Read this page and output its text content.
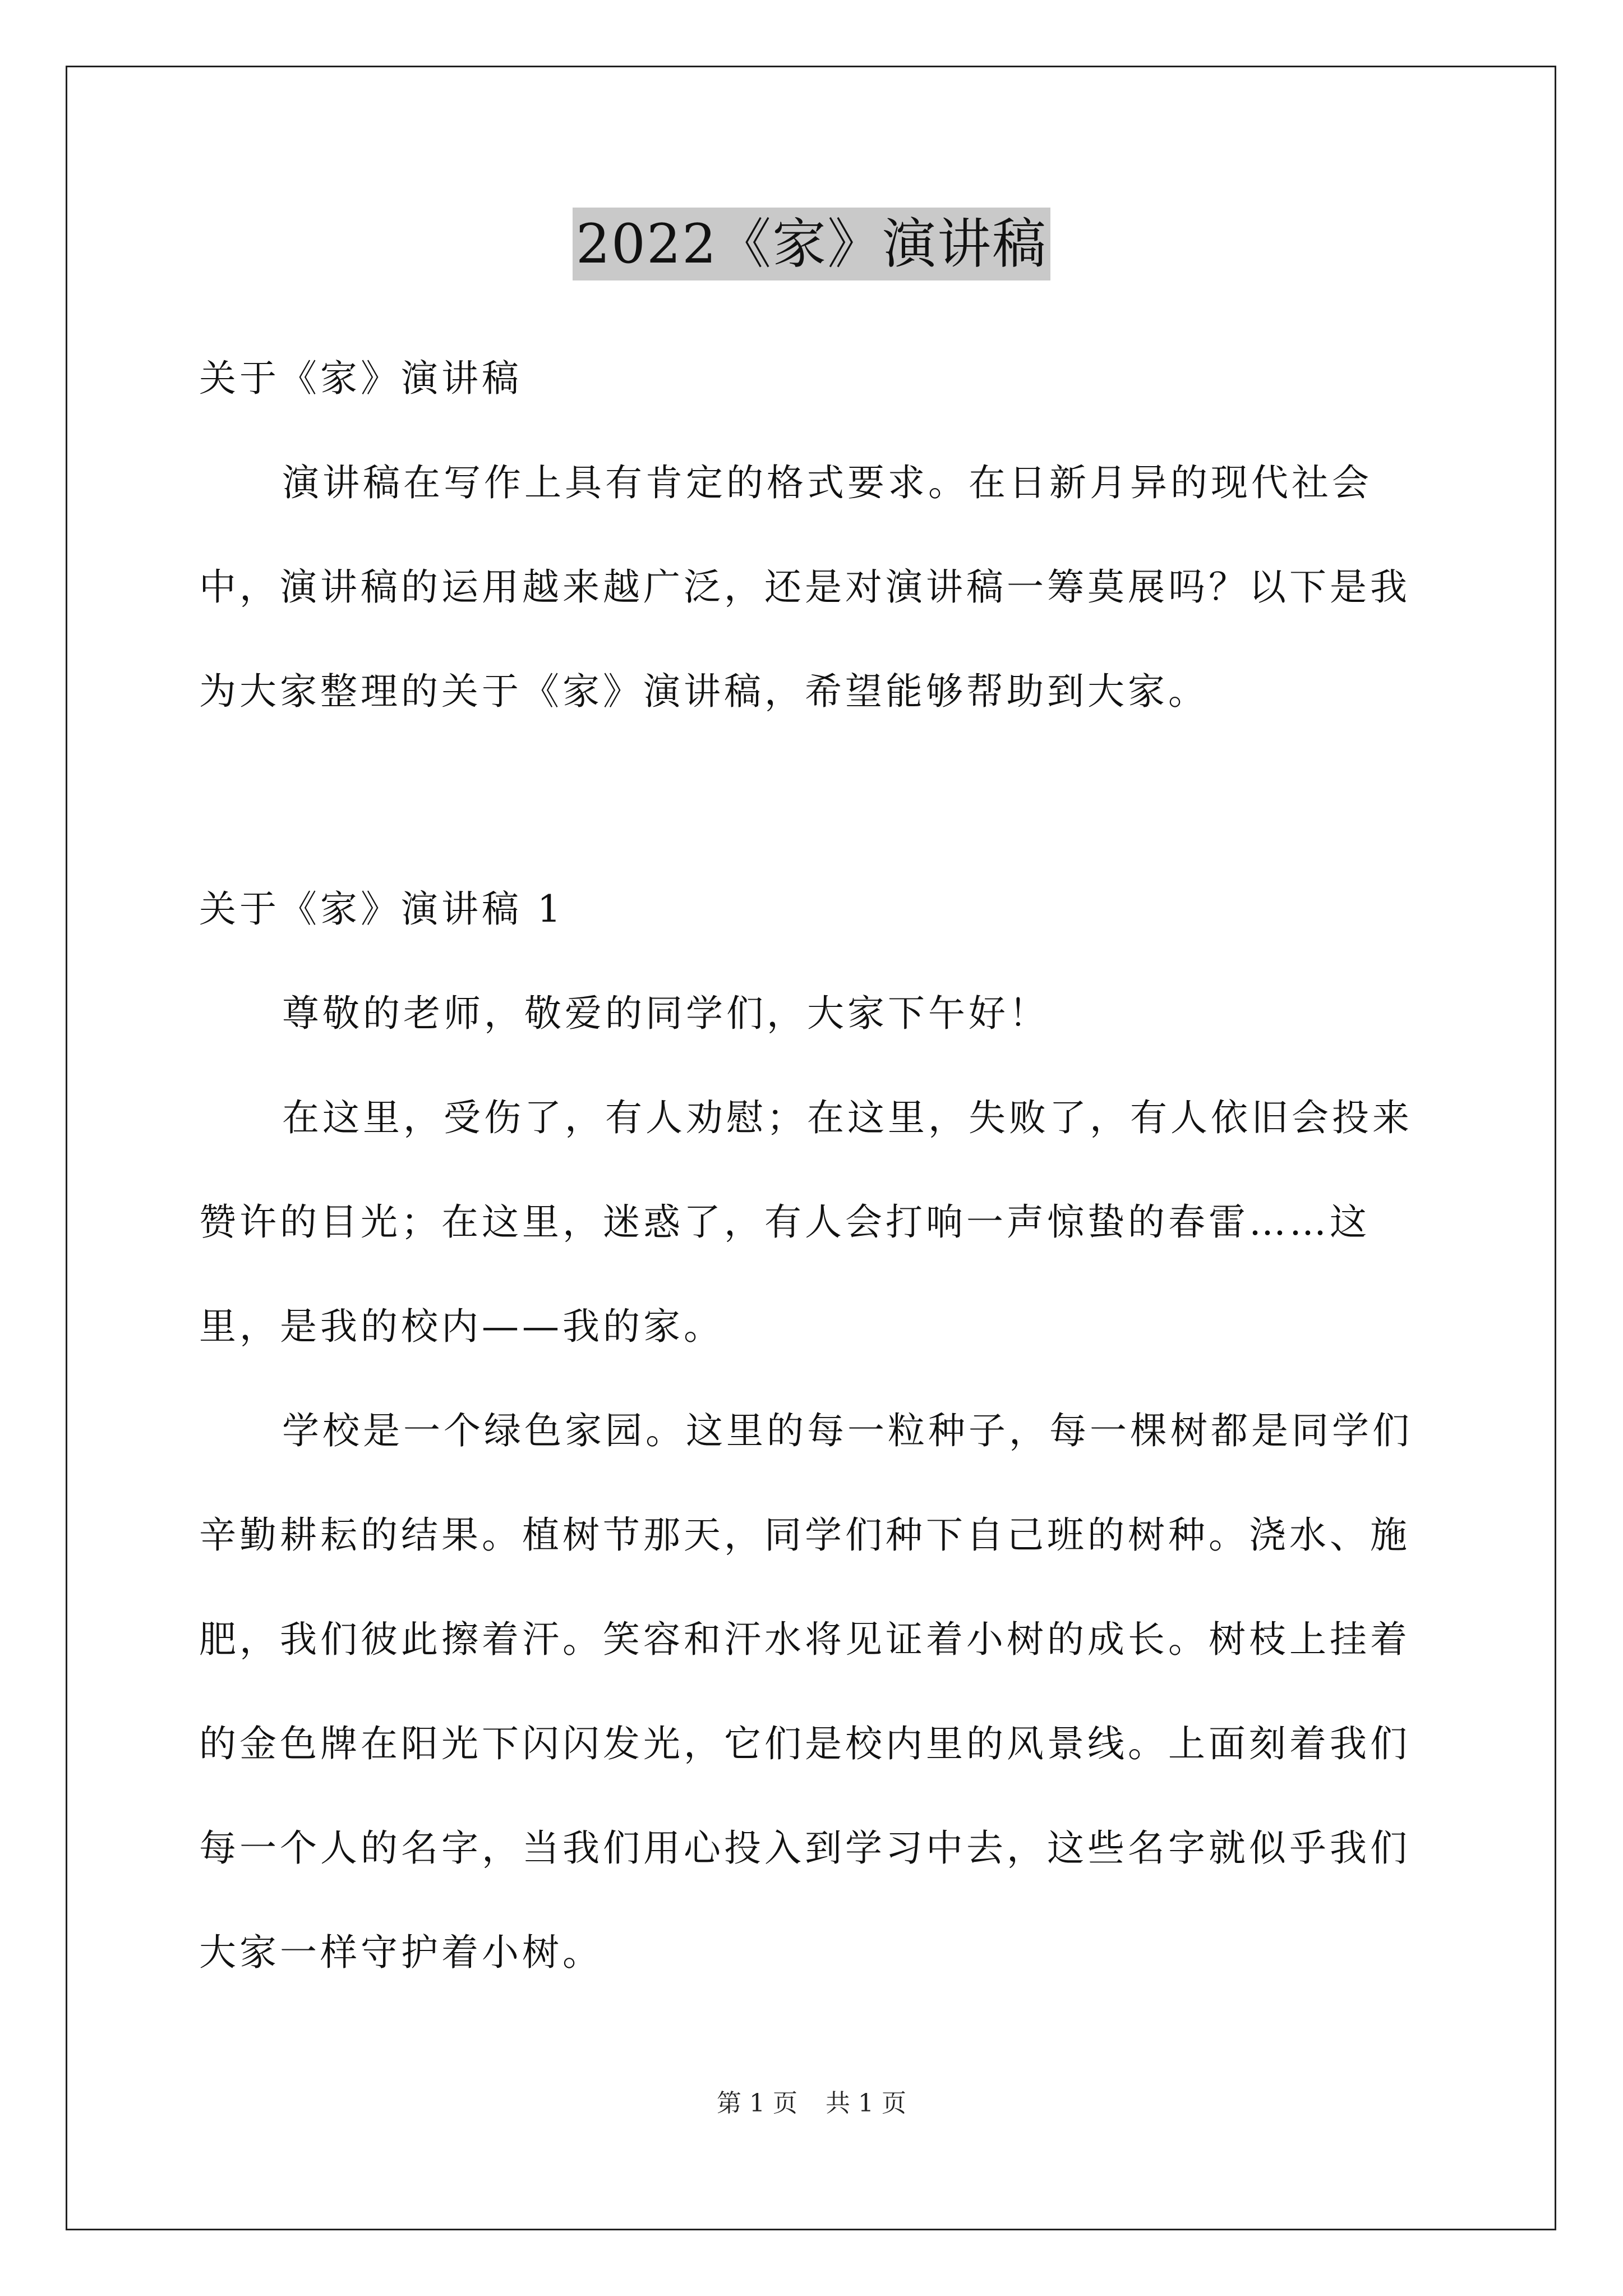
2022《家》演讲稿

关于《家》演讲稿

演讲稿在写作上具有肯定的格式要求。在日新月异的现代社会中，演讲稿的运用越来越广泛，还是对演讲稿一筹莫展吗？以下是我为大家整理的关于《家》演讲稿，希望能够帮助到大家。

关于《家》演讲稿 1

尊敬的老师，敬爱的同学们，大家下午好！

在这里，受伤了，有人劝慰；在这里，失败了，有人依旧会投来赞许的目光；在这里，迷惑了，有人会打响一声惊蛰的春雷……这里，是我的校内——我的家。

学校是一个绿色家园。这里的每一粒种子，每一棵树都是同学们辛勤耕耘的结果。植树节那天，同学们种下自己班的树种。浇水、施肥，我们彼此擦着汗。笑容和汗水将见证着小树的成长。树枝上挂着的金色牌在阳光下闪闪发光，它们是校内里的风景线。上面刻着我们每一个人的名字，当我们用心投入到学习中去，这些名字就似乎我们大家一样守护着小树。

第 1 页 共 1 页
